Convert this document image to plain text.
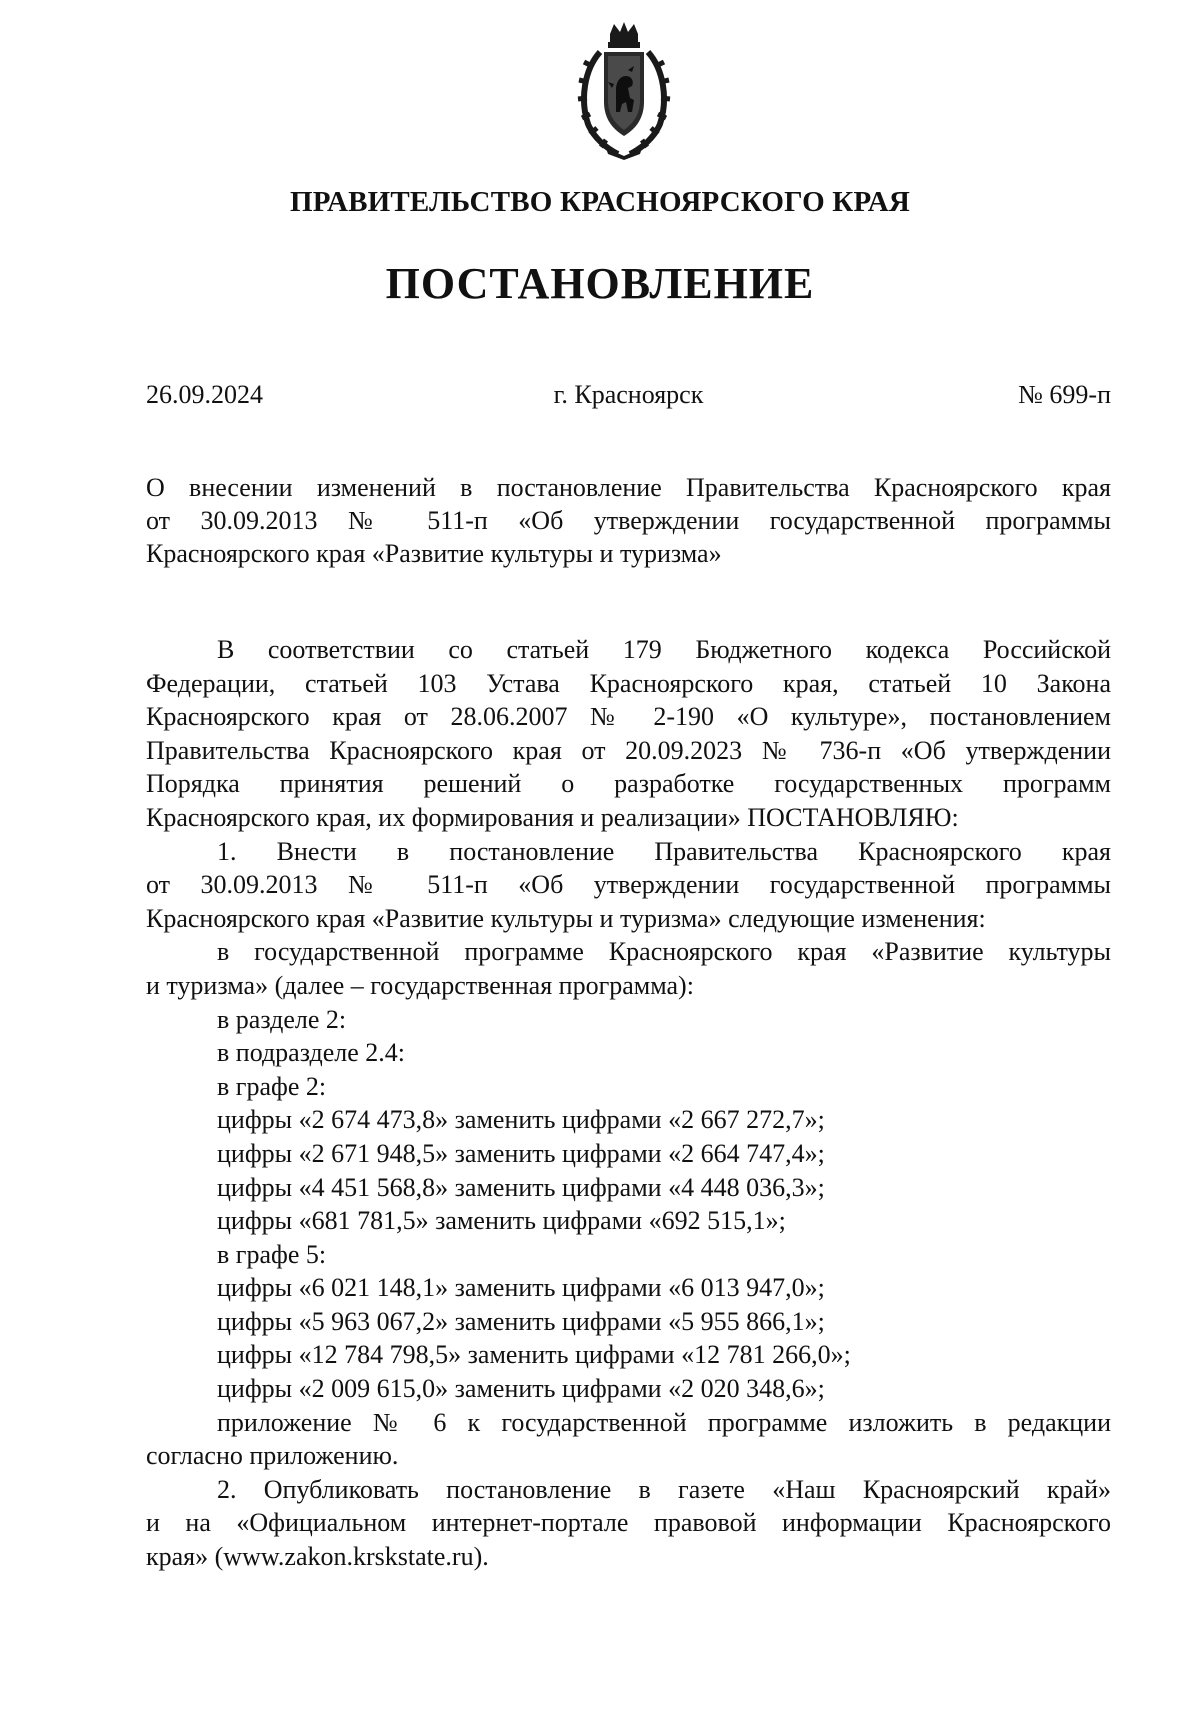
ПРАВИТЕЛЬСТВО КРАСНОЯРСКОГО КРАЯ
ПОСТАНОВЛЕНИЕ
26.09.2024	г. Красноярск	№ 699-п
О внесении изменений в постановление Правительства Красноярского края
от 30.09.2013 № 511-п «Об утверждении государственной программы
Красноярского края «Развитие культуры и туризма»
В соответствии со статьей 179 Бюджетного кодекса Российской
Федерации, статьей 103 Устава Красноярского края, статьей 10 Закона
Красноярского края от 28.06.2007 № 2-190 «О культуре», постановлением
Правительства Красноярского края от 20.09.2023 № 736-п «Об утверждении
Порядка принятия решений о разработке государственных программ
Красноярского края, их формирования и реализации» ПОСТАНОВЛЯЮ:
1. Внести в постановление Правительства Красноярского края
от 30.09.2013 № 511-п «Об утверждении государственной программы
Красноярского края «Развитие культуры и туризма» следующие изменения:
в государственной программе Красноярского края «Развитие культуры
и туризма» (далее – государственная программа):
в разделе 2:
в подразделе 2.4:
в графе 2:
цифры «2 674 473,8» заменить цифрами «2 667 272,7»;
цифры «2 671 948,5» заменить цифрами «2 664 747,4»;
цифры «4 451 568,8» заменить цифрами «4 448 036,3»;
цифры «681 781,5» заменить цифрами «692 515,1»;
в графе 5:
цифры «6 021 148,1» заменить цифрами «6 013 947,0»;
цифры «5 963 067,2» заменить цифрами «5 955 866,1»;
цифры «12 784 798,5» заменить цифрами «12 781 266,0»;
цифры «2 009 615,0» заменить цифрами «2 020 348,6»;
приложение № 6 к государственной программе изложить в редакции
согласно приложению.
2. Опубликовать постановление в газете «Наш Красноярский край»
и на «Официальном интернет-портале правовой информации Красноярского
края» (www.zakon.krskstate.ru).
